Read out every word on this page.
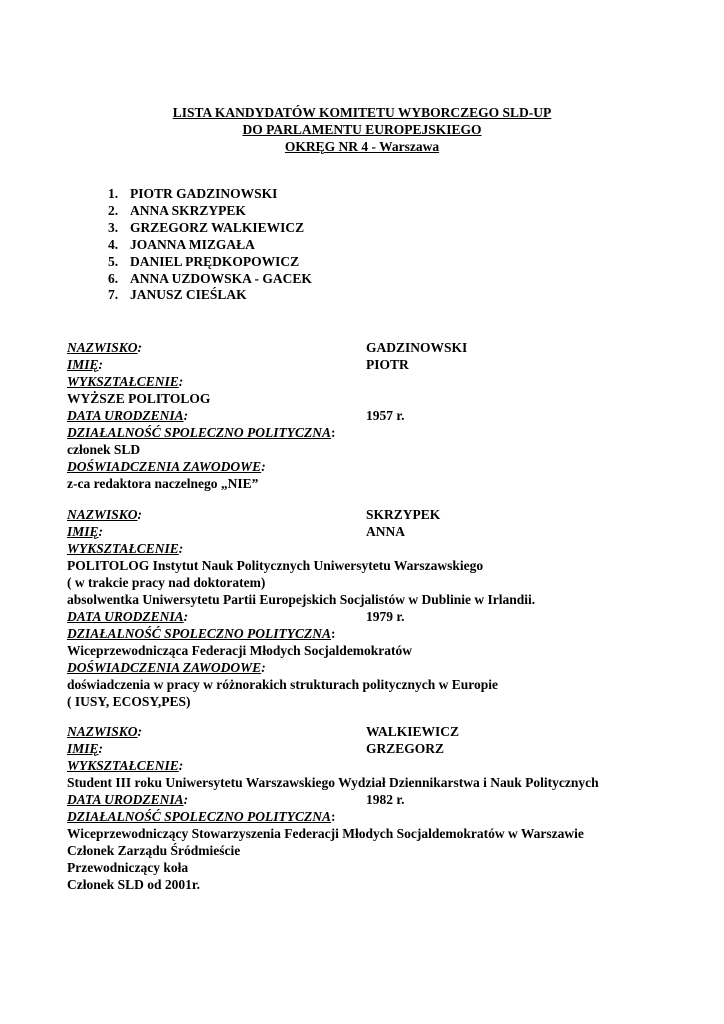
LISTA KANDYDATÓW KOMITETU WYBORCZEGO SLD-UP
DO PARLAMENTU EUROPEJSKIEGO
OKRĘG NR 4 - Warszawa
1. PIOTR GADZINOWSKI
2. ANNA SKRZYPEK
3. GRZEGORZ WALKIEWICZ
4. JOANNA MIZGAŁA
5. DANIEL PRĘDKOPOWICZ
6. ANNA UZDOWSKA - GACEK
7. JANUSZ CIEŚLAK
NAZWISKO:	GADZINOWSKI
IMIĘ:	PIOTR
WYKSZTAŁCENIE:
WYŻSZE POLITOLOG
DATA URODZENIA:	1957 r.
DZIAŁALNOŚĆ SPOLECZNO POLITYCZNA:
członek SLD
DOŚWIADCZENIA ZAWODOWE:
z-ca redaktora naczelnego „NIE”
NAZWISKO:	SKRZYPEK
IMIĘ:	ANNA
WYKSZTAŁCENIE:
POLITOLOG Instytut Nauk Politycznych Uniwersytetu Warszawskiego
( w trakcie pracy nad doktoratem)
absolwentka Uniwersytetu Partii Europejskich Socjalistów w Dublinie w Irlandii.
DATA URODZENIA:	1979 r.
DZIAŁALNOŚĆ SPOLECZNO POLITYCZNA:
Wiceprzewodnicząca Federacji Młodych Socjaldemokratów
DOŚWIADCZENIA ZAWODOWE:
doświadczenia w pracy w różnorakich strukturach politycznych w Europie
( IUSY, ECOSY,PES)
NAZWISKO:	WALKIEWICZ
IMIĘ:	GRZEGORZ
WYKSZTAŁCENIE:
Student III roku Uniwersytetu Warszawskiego Wydział Dziennikarstwa i Nauk Politycznych
DATA URODZENIA:	1982 r.
DZIAŁALNOŚĆ SPOLECZNO POLITYCZNA:
Wiceprzewodniczący Stowarzyszenia Federacji Młodych Socjaldemokratów w Warszawie
Członek Zarządu Śródmieście
Przewodniczący koła
Członek SLD od 2001r.
